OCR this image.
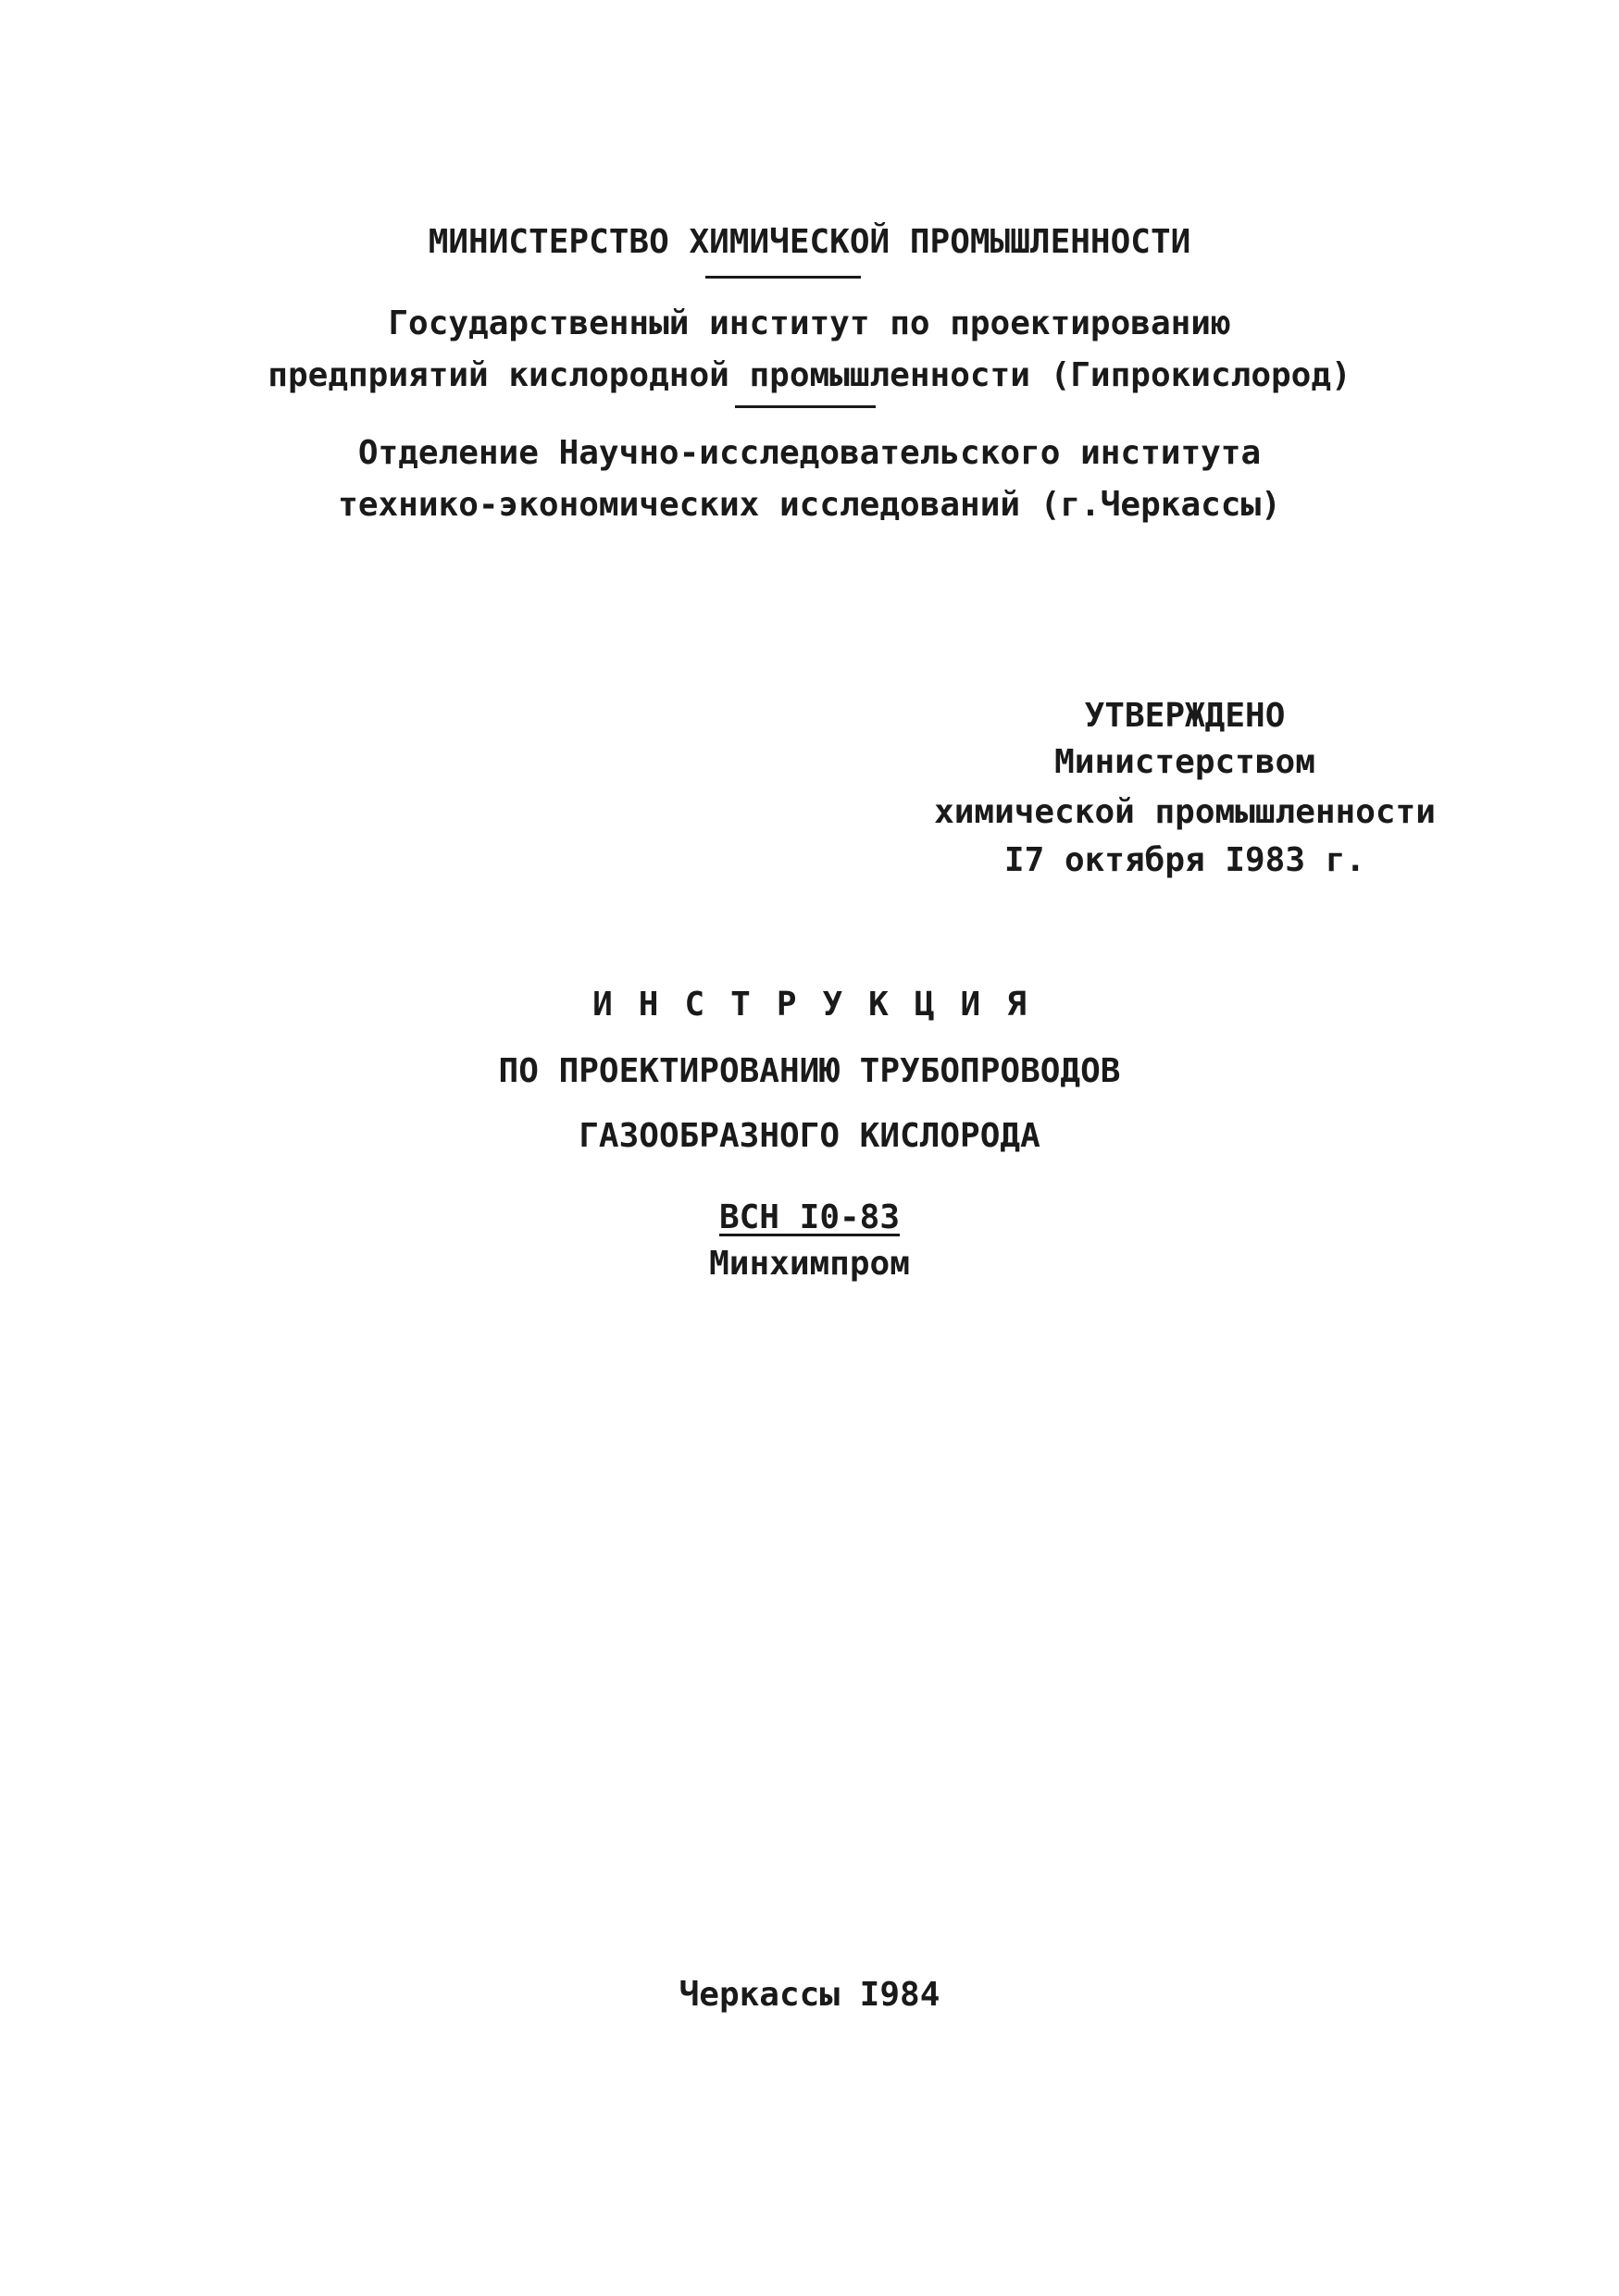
МИНИСТЕРСТВО ХИМИЧЕСКОЙ ПРОМЫШЛЕННОСТИ
Государственный институт по проектированию
предприятий кислородной промышленности (Гипрокислород)
Отделение Научно-исследовательского института
технико-экономических исследований (г.Черкассы)
УТВЕРЖДЕНО
Министерством
химической промышленности
I7 октября I983 г.
ИНСТРУКЦИЯ
ПО ПРОЕКТИРОВАНИЮ ТРУБОПРОВОДОВ
ГАЗООБРАЗНОГО КИСЛОРОДА
ВСН I0-83
Минхимпром
Черкассы I984
